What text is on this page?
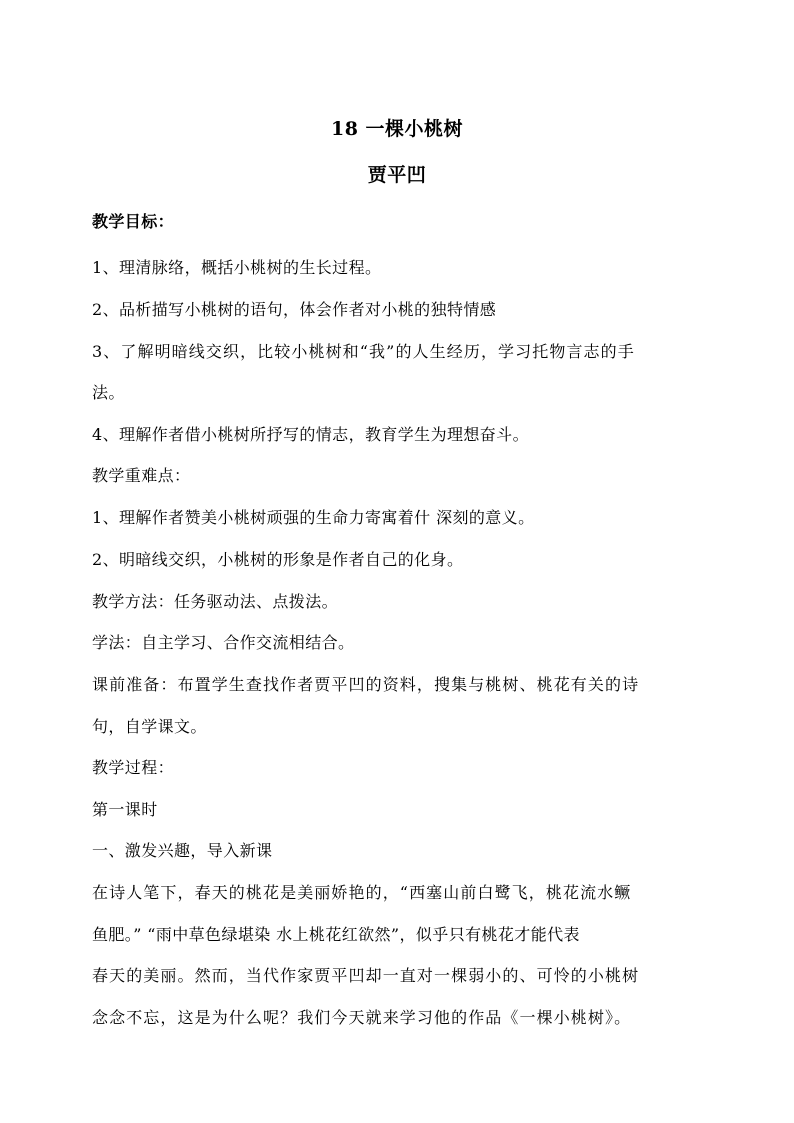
18 一棵小桃树
贾平凹
教学目标：
1、理清脉络，概括小桃树的生长过程。
2、品析描写小桃树的语句，体会作者对小桃的独特情感
3、了解明暗线交织，比较小桃树和“我”的人生经历，学习托物言志的手
法。
4、理解作者借小桃树所抒写的情志，教育学生为理想奋斗。
教学重难点：
1、理解作者赞美小桃树顽强的生命力寄寓着什 深刻的意义。
2、明暗线交织，小桃树的形象是作者自己的化身。
教学方法：任务驱动法、点拨法。
学法：自主学习、合作交流相结合。
课前准备：布置学生查找作者贾平凹的资料，搜集与桃树、桃花有关的诗
句，自学课文。
教学过程：
第一课时
一、激发兴趣，导入新课
在诗人笔下，春天的桃花是美丽娇艳的，“西塞山前白鹭飞，桃花流水鳜
鱼肥。” “雨中草色绿堪染 水上桃花红欲然”，似乎只有桃花才能代表
春天的美丽。然而，当代作家贾平凹却一直对一棵弱小的、可怜的小桃树
念念不忘，这是为什么呢？我们今天就来学习他的作品《一棵小桃树》。
